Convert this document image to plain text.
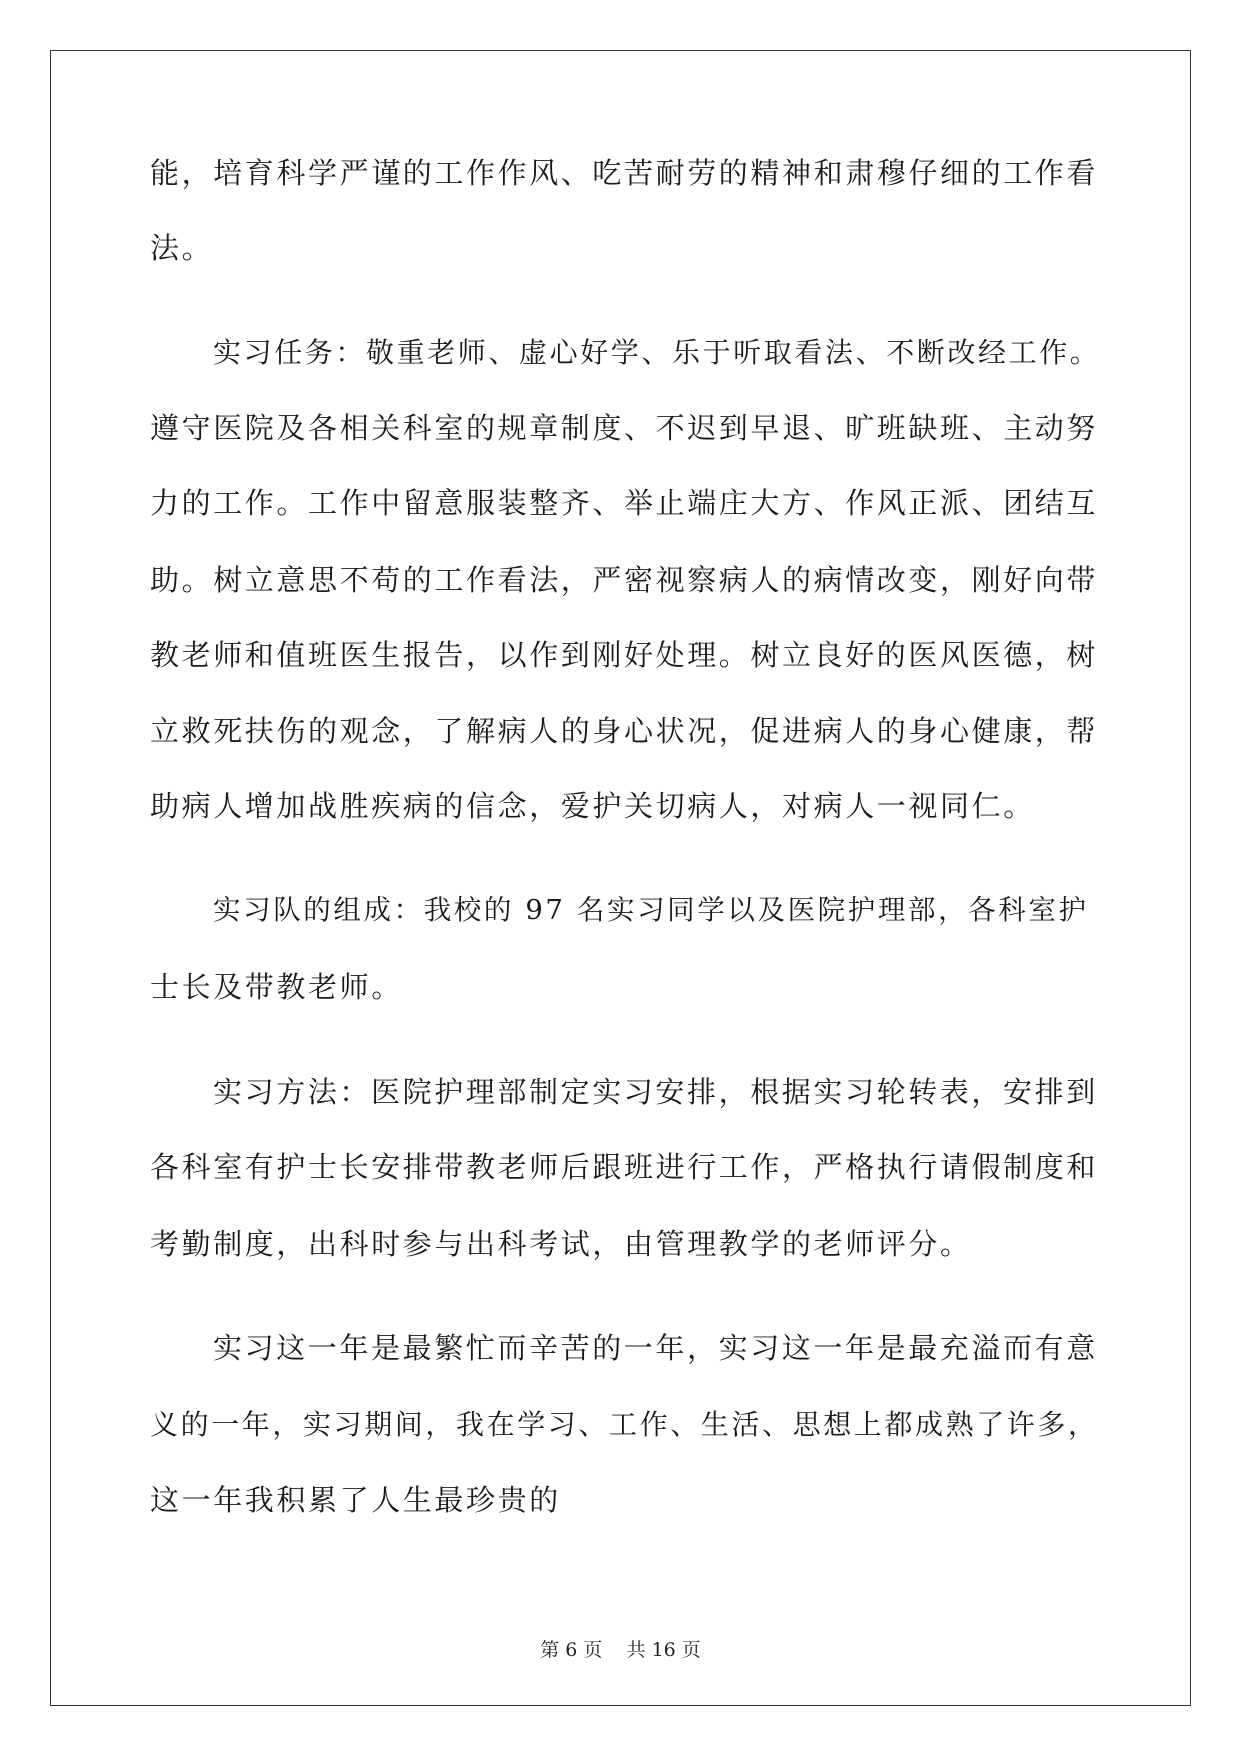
能，培育科学严谨的工作作风、吃苦耐劳的精神和肃穆仔细的工作看
法。
实习任务：敬重老师、虚心好学、乐于听取看法、不断改经工作。
遵守医院及各相关科室的规章制度、不迟到早退、旷班缺班、主动努
力的工作。工作中留意服装整齐、举止端庄大方、作风正派、团结互
助。树立意思不苟的工作看法，严密视察病人的病情改变，刚好向带
教老师和值班医生报告，以作到刚好处理。树立良好的医风医德，树
立救死扶伤的观念，了解病人的身心状况，促进病人的身心健康，帮
助病人增加战胜疾病的信念，爱护关切病人，对病人一视同仁。
实习队的组成：我校的 97 名实习同学以及医院护理部，各科室护
士长及带教老师。
实习方法：医院护理部制定实习安排，根据实习轮转表，安排到
各科室有护士长安排带教老师后跟班进行工作，严格执行请假制度和
考勤制度，出科时参与出科考试，由管理教学的老师评分。
实习这一年是最繁忙而辛苦的一年，实习这一年是最充溢而有意
义的一年，实习期间，我在学习、工作、生活、思想上都成熟了许多，
这一年我积累了人生最珍贵的
第 6 页    共 16 页
